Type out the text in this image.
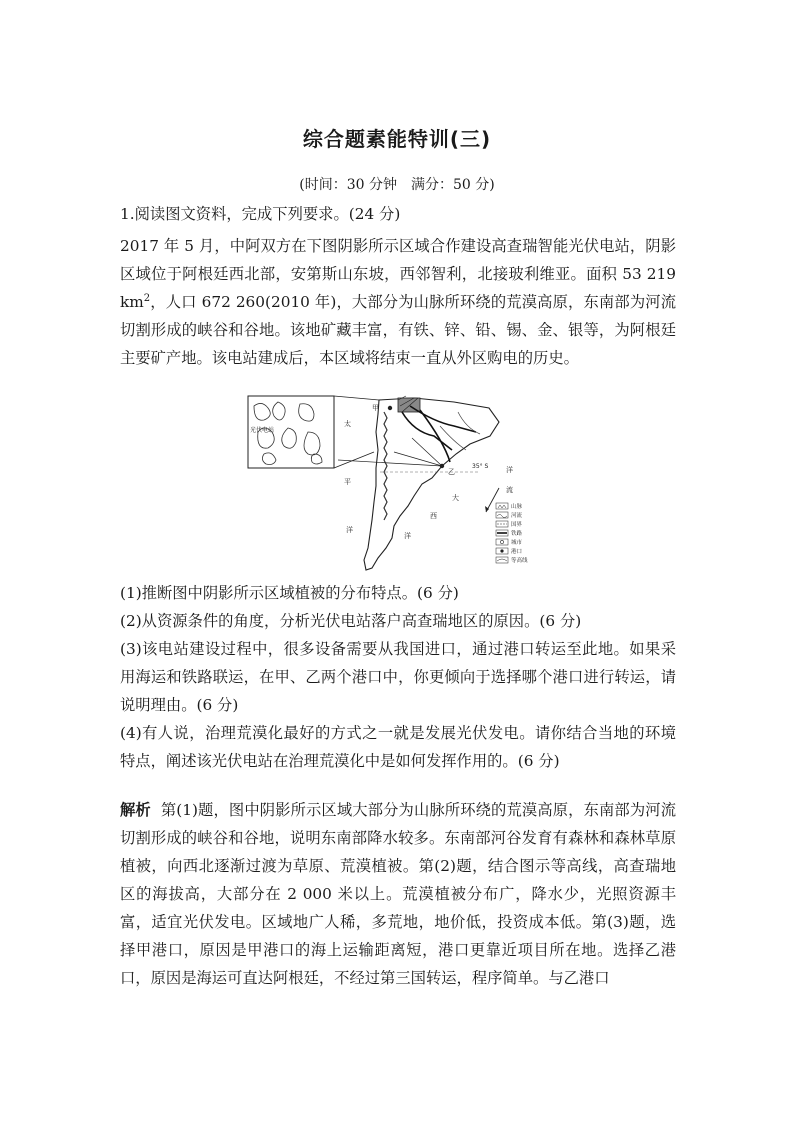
综合题素能特训(三)
(时间：30 分钟　满分：50 分)
1.阅读图文资料，完成下列要求。(24 分)
2017 年 5 月，中阿双方在下图阴影所示区域合作建设高查瑞智能光伏电站，阴影区域位于阿根廷西北部，安第斯山东坡，西邻智利，北接玻利维亚。面积 53 219 $km^2$，人口 672 260(2010 年)，大部分为山脉所环绕的荒漠高原，东南部为河流切割形成的峡谷和谷地。该地矿藏丰富，有铁、锌、铅、锡、金、银等，为阿根廷主要矿产地。该电站建成后，本区域将结束一直从外区购电的历史。
光伏电站
甲
乙
太
平
洋
大
西
洋
洋
流
35° S
山脉
河流
国界
铁路
城市
港口
等高线
(1)推断图中阴影所示区域植被的分布特点。(6 分)
(2)从资源条件的角度，分析光伏电站落户高查瑞地区的原因。(6 分)
(3)该电站建设过程中，很多设备需要从我国进口，通过港口转运至此地。如果采用海运和铁路联运，在甲、乙两个港口中，你更倾向于选择哪个港口进行转运，请说明理由。(6 分)
(4)有人说，治理荒漠化最好的方式之一就是发展光伏发电。请你结合当地的环境特点，阐述该光伏电站在治理荒漠化中是如何发挥作用的。(6 分)
解析 第(1)题，图中阴影所示区域大部分为山脉所环绕的荒漠高原，东南部为河流切割形成的峡谷和谷地，说明东南部降水较多。东南部河谷发育有森林和森林草原植被，向西北逐渐过渡为草原、荒漠植被。第(2)题，结合图示等高线，高查瑞地区的海拔高，大部分在 2 000 米以上。荒漠植被分布广，降水少，光照资源丰富，适宜光伏发电。区域地广人稀，多荒地，地价低，投资成本低。第(3)题，选择甲港口，原因是甲港口的海上运输距离短，港口更靠近项目所在地。选择乙港口，原因是海运可直达阿根廷，不经过第三国转运，程序简单。与乙港口
